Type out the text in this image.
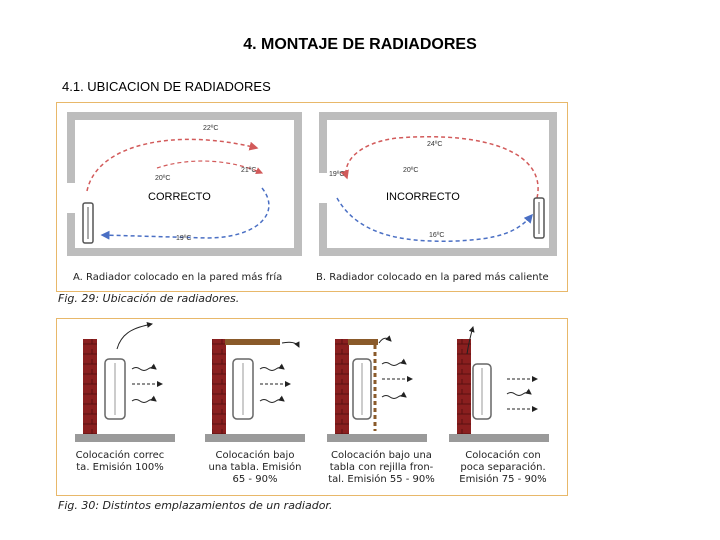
4. MONTAJE DE RADIADORES
4.1. UBICACION DE RADIADORES
22ºC
20ºC
21ºC
19ºC
24ºC
20ºC
19ºC
16ºC
A. Radiador colocado en la pared más fría	B. Radiador colocado en la pared más caliente
CORRECTO	INCORRECTO
Fig. 29: Ubicación de radiadores.
Colocación correc
ta. Emisión 100%
Colocación bajo
una tabla. Emisión
65 - 90%
Colocación bajo una
tabla con rejilla fron-
tal. Emisión 55 - 90%
Colocación con
poca separación.
Emisión 75 - 90%
Fig. 30: Distintos emplazamientos de un radiador.
